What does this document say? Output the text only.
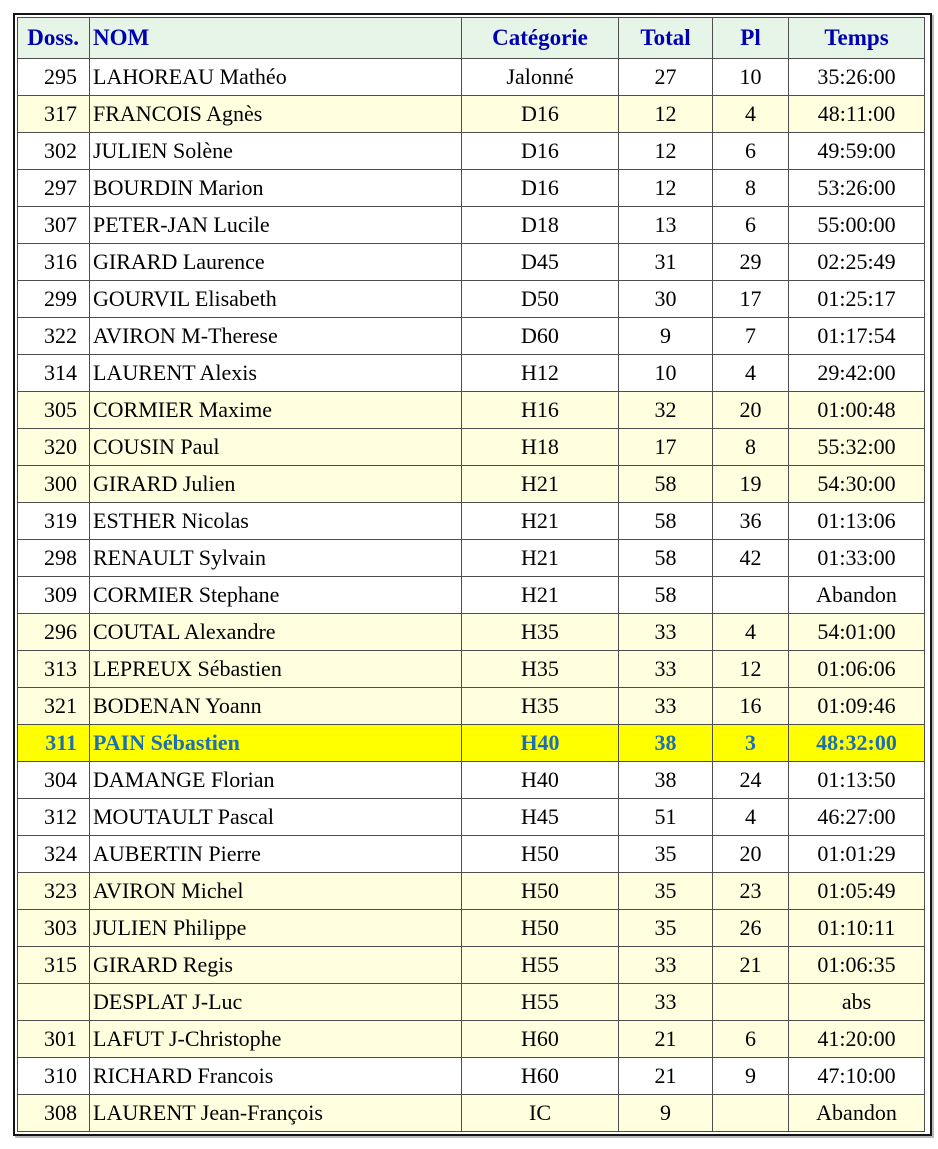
Doss.	NOM	Catégorie	Total	Pl	Temps
295	LAHOREAU Mathéo	Jalonné	27	10	35:26:00
317	FRANCOIS Agnès	D16	12	4	48:11:00
302	JULIEN Solène	D16	12	6	49:59:00
297	BOURDIN Marion	D16	12	8	53:26:00
307	PETER-JAN Lucile	D18	13	6	55:00:00
316	GIRARD Laurence	D45	31	29	02:25:49
299	GOURVIL Elisabeth	D50	30	17	01:25:17
322	AVIRON M-Therese	D60	9	7	01:17:54
314	LAURENT Alexis	H12	10	4	29:42:00
305	CORMIER Maxime	H16	32	20	01:00:48
320	COUSIN Paul	H18	17	8	55:32:00
300	GIRARD Julien	H21	58	19	54:30:00
319	ESTHER Nicolas	H21	58	36	01:13:06
298	RENAULT Sylvain	H21	58	42	01:33:00
309	CORMIER Stephane	H21	58		Abandon
296	COUTAL Alexandre	H35	33	4	54:01:00
313	LEPREUX Sébastien	H35	33	12	01:06:06
321	BODENAN Yoann	H35	33	16	01:09:46
311	PAIN Sébastien	H40	38	3	48:32:00
304	DAMANGE Florian	H40	38	24	01:13:50
312	MOUTAULT Pascal	H45	51	4	46:27:00
324	AUBERTIN Pierre	H50	35	20	01:01:29
323	AVIRON Michel	H50	35	23	01:05:49
303	JULIEN Philippe	H50	35	26	01:10:11
315	GIRARD Regis	H55	33	21	01:06:35
	DESPLAT J-Luc	H55	33		abs
301	LAFUT J-Christophe	H60	21	6	41:20:00
310	RICHARD Francois	H60	21	9	47:10:00
308	LAURENT Jean-François	IC	9		Abandon
